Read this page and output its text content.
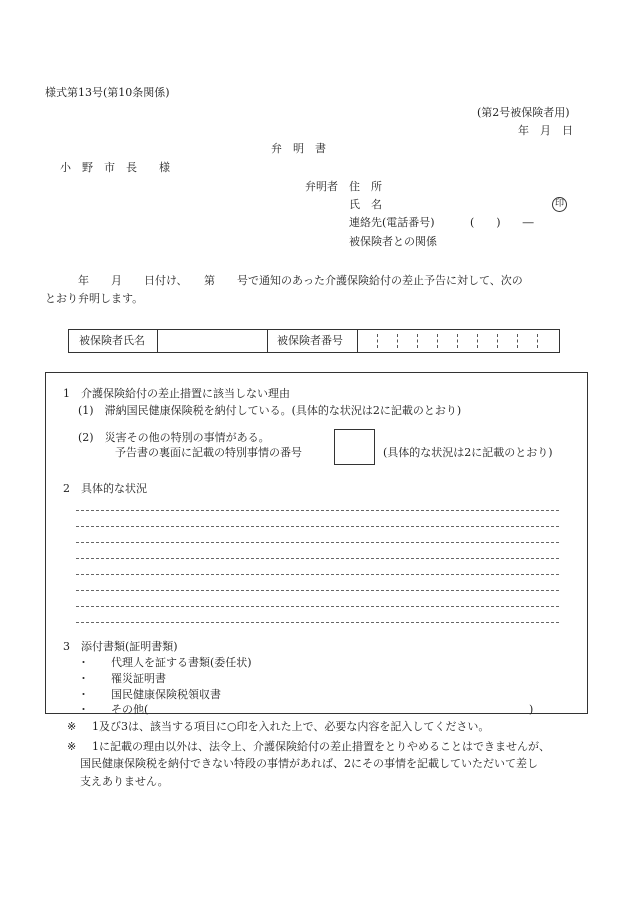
様式第13号(第10条関係)
(第2号被保険者用)
年　月　日
弁　明　書
小　野　市　長　　様
弁明者 住　所
氏　名	印
連絡先(電話番号)	(　　)　　―
被保険者との関係
年　　月　　日付け、　　第　　号で通知のあった介護保険給付の差止予告に対して、次の
とおり弁明します。
被保険者氏名	被保険者番号
1　介護保険給付の差止措置に該当しない理由
(1)　滞納国民健康保険税を納付している。(具体的な状況は2に記載のとおり)
(2)　災害その他の特別の事情がある。
予告書の裏面に記載の特別事情の番号	(具体的な状況は2に記載のとおり)
2　具体的な状況
3　添付書類(証明書類)
・　　代理人を証する書類(委任状)
・　　罹災証明書
・　　国民健康保険税領収書
・　　その他(	)
※ 1及び3は、該当する項目に○印を入れた上で、必要な内容を記入してください。
※ 1に記載の理由以外は、法令上、介護保険給付の差止措置をとりやめることはできませんが、
国民健康保険税を納付できない特段の事情があれば、2にその事情を記載していただいて差し
支えありません。
